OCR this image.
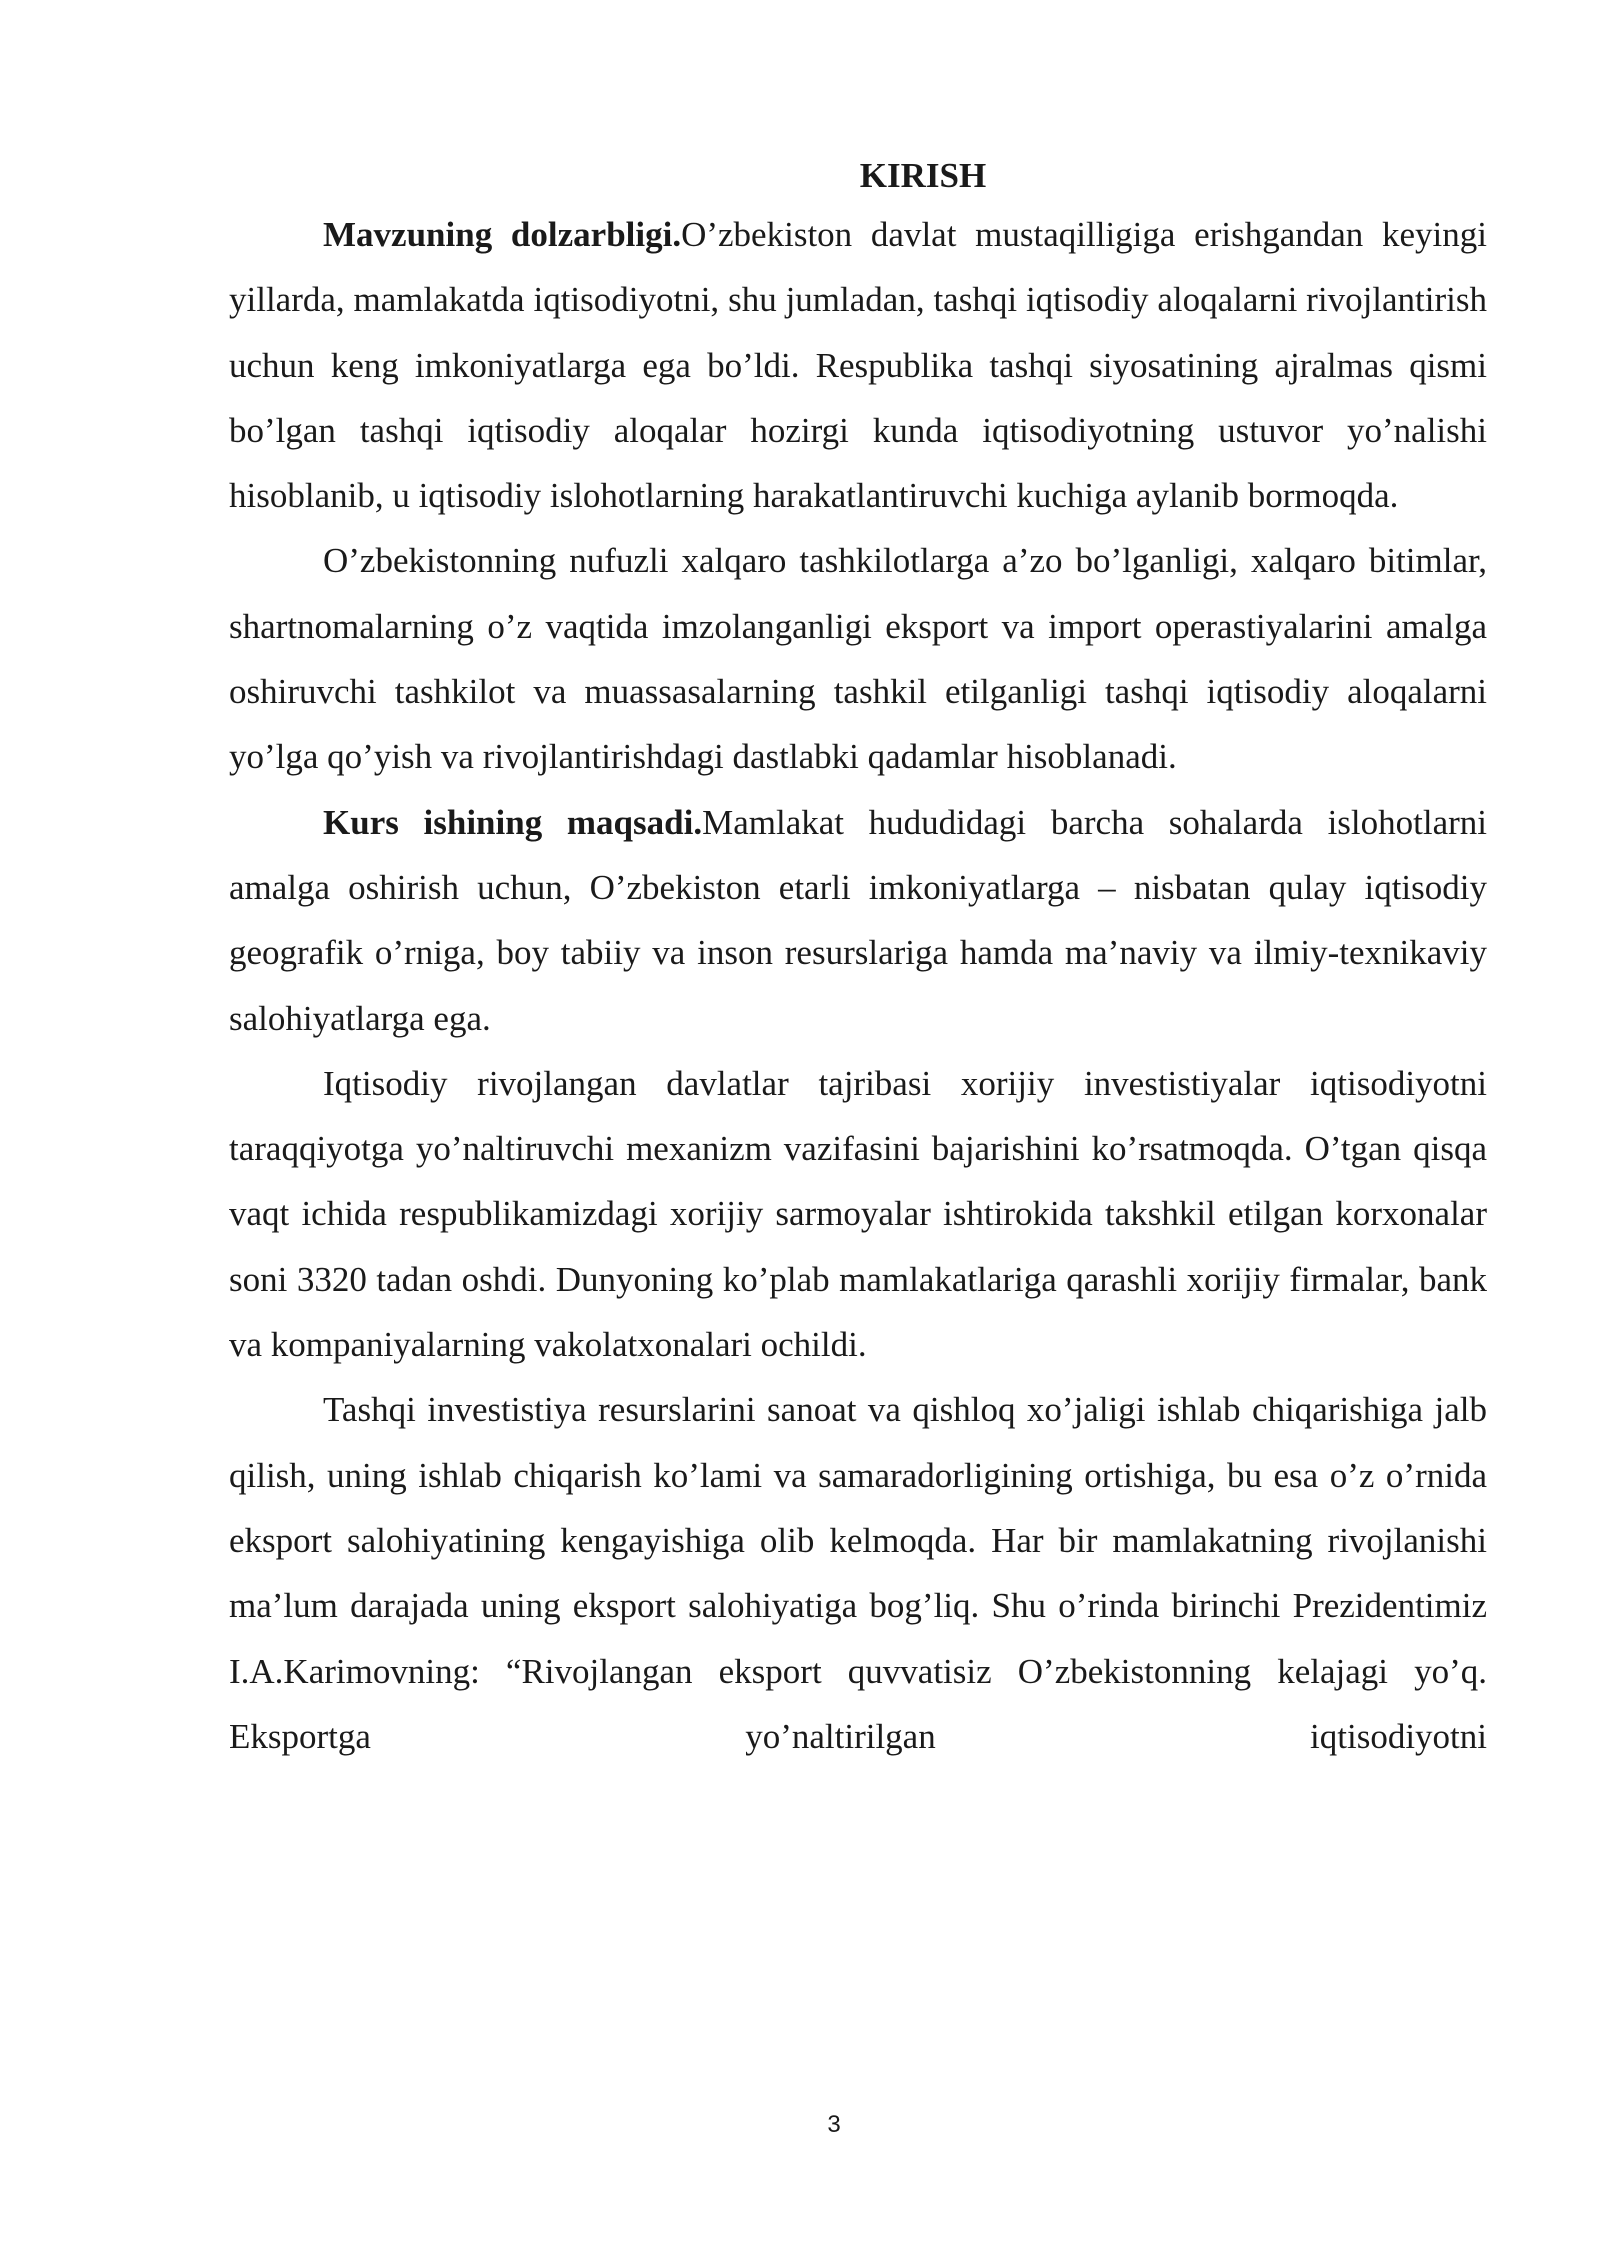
KIRISH

Mavzuning dolzarbligi.O’zbekiston davlat mustaqilligiga erishgandan keyingi yillarda, mamlakatda iqtisodiyotni, shu jumladan, tashqi iqtisodiy aloqalarni rivojlantirish uchun keng imkoniyatlarga ega bo’ldi. Respublika tashqi siyosatining ajralmas qismi bo’lgan tashqi iqtisodiy aloqalar hozirgi kunda iqtisodiyotning ustuvor yo’nalishi hisoblanib, u iqtisodiy islohotlarning harakatlantiruvchi kuchiga aylanib bormoqda.

O’zbekistonning nufuzli xalqaro tashkilotlarga a’zo bo’lganligi, xalqaro bitimlar, shartnomalarning o’z vaqtida imzolanganligi eksport va import operastiyalarini amalga oshiruvchi tashkilot va muassasalarning tashkil etilganligi tashqi iqtisodiy aloqalarni yo’lga qo’yish va rivojlantirishdagi dastlabki qadamlar hisoblanadi.

Kurs ishining maqsadi.Mamlakat hududidagi barcha sohalarda islohotlarni amalga oshirish uchun, O’zbekiston etarli imkoniyatlarga – nisbatan qulay iqtisodiy geografik o’rniga, boy tabiiy va inson resurslariga hamda ma’naviy va ilmiy-texnikaviy salohiyatlarga ega.

Iqtisodiy rivojlangan davlatlar tajribasi xorijiy investistiyalar iqtisodiyotni taraqqiyotga yo’naltiruvchi mexanizm vazifasini bajarishini ko’rsatmoqda. O’tgan qisqa vaqt ichida respublikamizdagi xorijiy sarmoyalar ishtirokida takshkil etilgan korxonalar soni 3320 tadan oshdi. Dunyoning ko’plab mamlakatlariga qarashli xorijiy firmalar, bank va kompaniyalarning vakolatxonalari ochildi.

Tashqi investistiya resurslarini sanoat va qishloq xo’jaligi ishlab chiqarishiga jalb qilish, uning ishlab chiqarish ko’lami va samaradorligining ortishiga, bu esa o’z o’rnida eksport salohiyatining kengayishiga olib kelmoqda. Har bir mamlakatning rivojlanishi ma’lum darajada uning eksport salohiyatiga bog’liq. Shu o’rinda birinchi Prezidentimiz I.A.Karimovning: “Rivojlangan eksport quvvatisiz O’zbekistonning kelajagi yo’q. Eksportga yo’naltirilgan iqtisodiyotni

3
